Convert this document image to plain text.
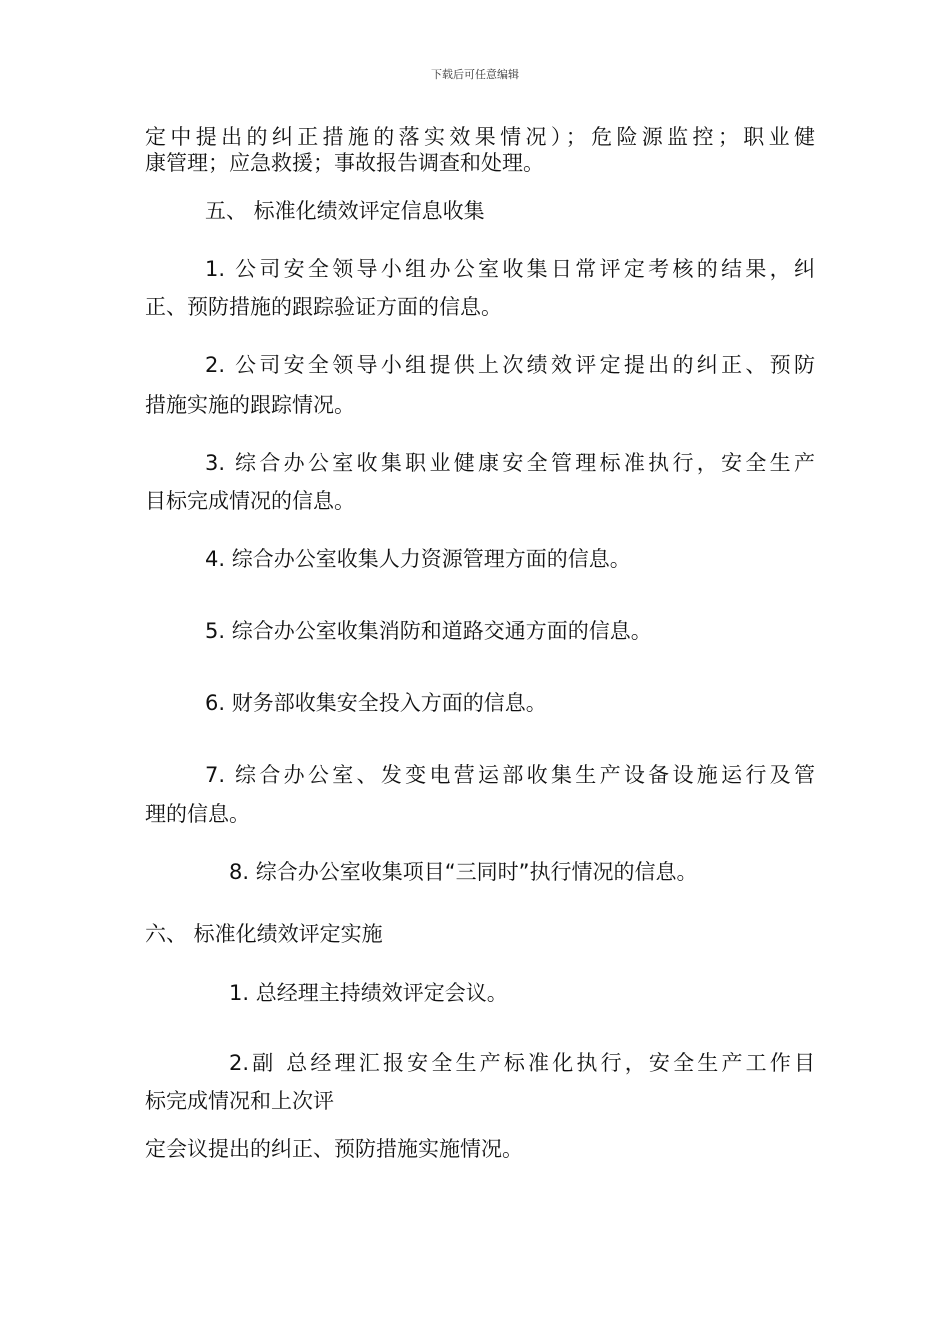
下载后可任意编辑
定中提出的纠正措施的落实效果情况）；危险源监控；职业健
康管理；应急救援；事故报告调查和处理。
五、 标准化绩效评定信息收集
1. 公司安全领导小组办公室收集日常评定考核的结果，纠
正、预防措施的跟踪验证方面的信息。
2. 公司安全领导小组提供上次绩效评定提出的纠正、预防
措施实施的跟踪情况。
3. 综合办公室收集职业健康安全管理标准执行，安全生产
目标完成情况的信息。
4. 综合办公室收集人力资源管理方面的信息。
5. 综合办公室收集消防和道路交通方面的信息。
6. 财务部收集安全投入方面的信息。
7. 综合办公室、发变电营运部收集生产设备设施运行及管
理的信息。
8. 综合办公室收集项目“三同时”执行情况的信息。
六、 标准化绩效评定实施
1. 总经理主持绩效评定会议。
2.副 总经理汇报安全生产标准化执行，安全生产工作目
标完成情况和上次评
定会议提出的纠正、预防措施实施情况。
